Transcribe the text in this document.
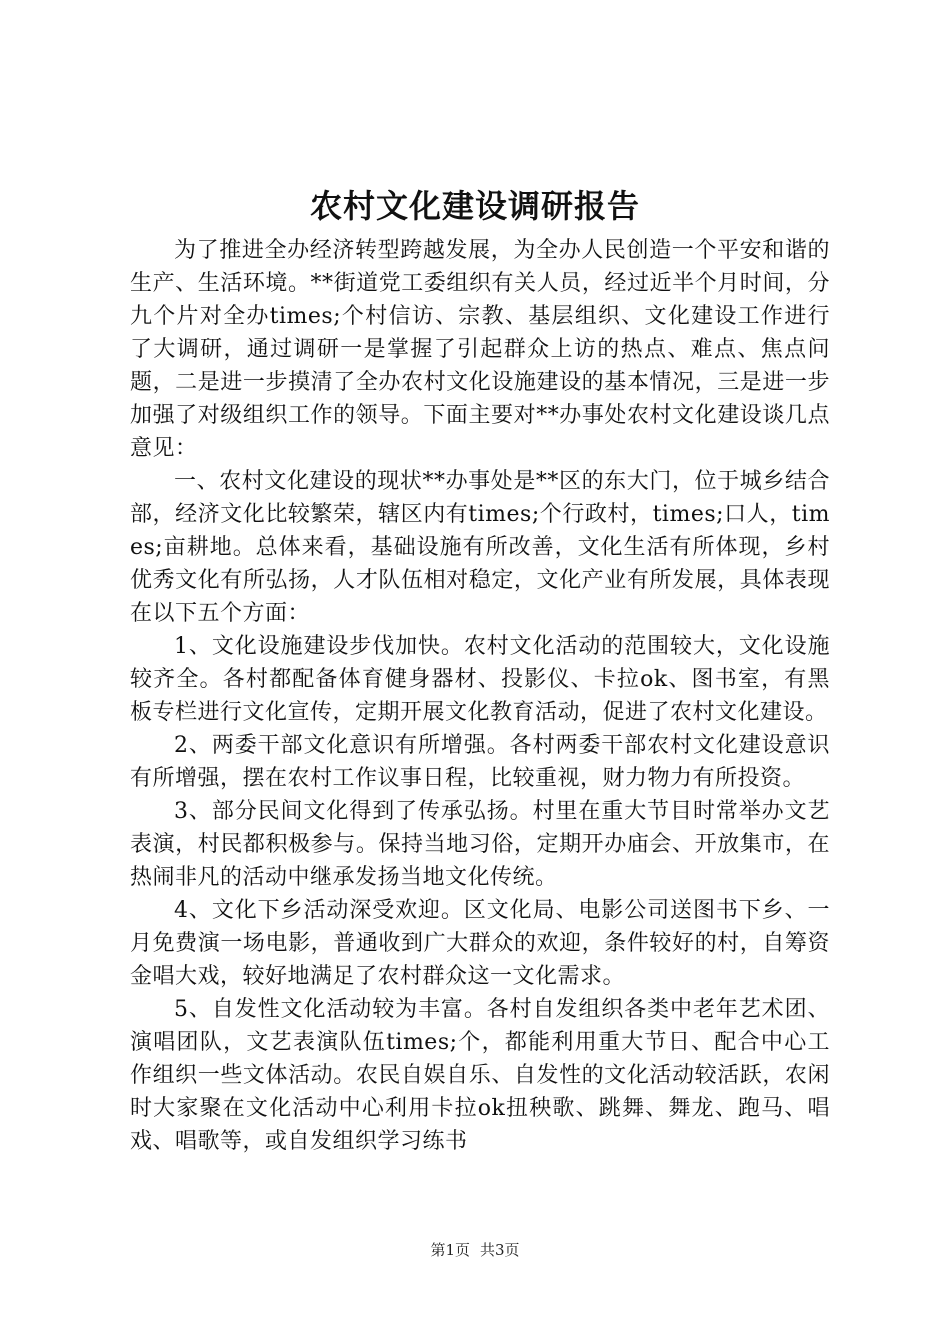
农村文化建设调研报告

为了推进全办经济转型跨越发展，为全办人民创造一个平安和谐的生产、生活环境。**街道党工委组织有关人员，经过近半个月时间，分九个片对全办times;个村信访、宗教、基层组织、文化建设工作进行了大调研，通过调研一是掌握了引起群众上访的热点、难点、焦点问题，二是进一步摸清了全办农村文化设施建设的基本情况，三是进一步加强了对级组织工作的领导。下面主要对**办事处农村文化建设谈几点意见：

一、农村文化建设的现状**办事处是**区的东大门，位于城乡结合部，经济文化比较繁荣，辖区内有times;个行政村，times;口人，times;亩耕地。总体来看，基础设施有所改善，文化生活有所体现，乡村优秀文化有所弘扬，人才队伍相对稳定，文化产业有所发展，具体表现在以下五个方面：

1、文化设施建设步伐加快。农村文化活动的范围较大，文化设施较齐全。各村都配备体育健身器材、投影仪、卡拉ok、图书室，有黑板专栏进行文化宣传，定期开展文化教育活动，促进了农村文化建设。

2、两委干部文化意识有所增强。各村两委干部农村文化建设意识有所增强，摆在农村工作议事日程，比较重视，财力物力有所投资。

3、部分民间文化得到了传承弘扬。村里在重大节目时常举办文艺表演，村民都积极参与。保持当地习俗，定期开办庙会、开放集市，在热闹非凡的活动中继承发扬当地文化传统。

4、文化下乡活动深受欢迎。区文化局、电影公司送图书下乡、一月免费演一场电影，普通收到广大群众的欢迎，条件较好的村，自筹资金唱大戏，较好地满足了农村群众这一文化需求。

5、自发性文化活动较为丰富。各村自发组织各类中老年艺术团、演唱团队，文艺表演队伍times;个，都能利用重大节日、配合中心工作组织一些文体活动。农民自娱自乐、自发性的文化活动较活跃，农闲时大家聚在文化活动中心利用卡拉ok扭秧歌、跳舞、舞龙、跑马、唱戏、唱歌等，或自发组织学习练书

第1页 共3页
